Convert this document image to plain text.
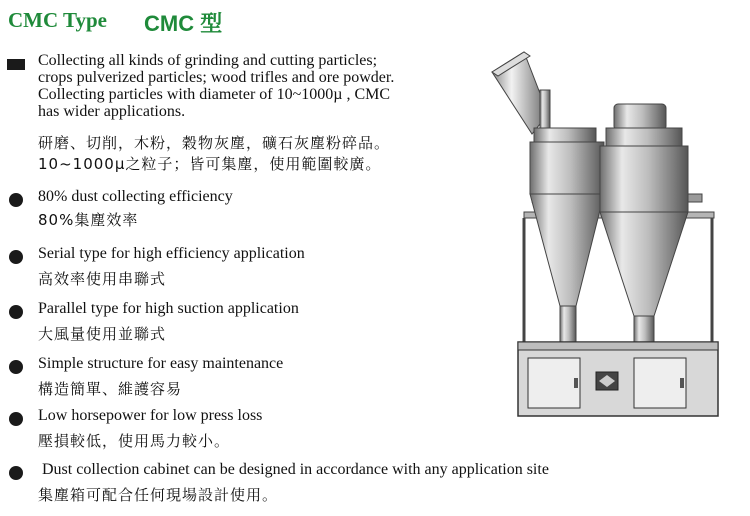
CMC Type CMC 型
Collecting all kinds of grinding and cutting particles;
crops pulverized particles; wood trifles and ore powder.
Collecting particles with diameter of 10~1000µ , CMC
has wider applications.
研磨、切削，木粉，穀物灰塵，礦石灰塵粉碎品。
10~1000µ之粒子；皆可集塵，使用範圍較廣。
80% dust collecting efficiency
80%集塵效率
Serial type for high efficiency application
高效率使用串聯式
Parallel type for high suction application
大風量使用並聯式
Simple structure for easy maintenance
構造簡單、維護容易
Low horsepower for low press loss
壓損較低，使用馬力較小。
Dust collection cabinet can be designed in accordance with any application site
集塵箱可配合任何現場設計使用。
